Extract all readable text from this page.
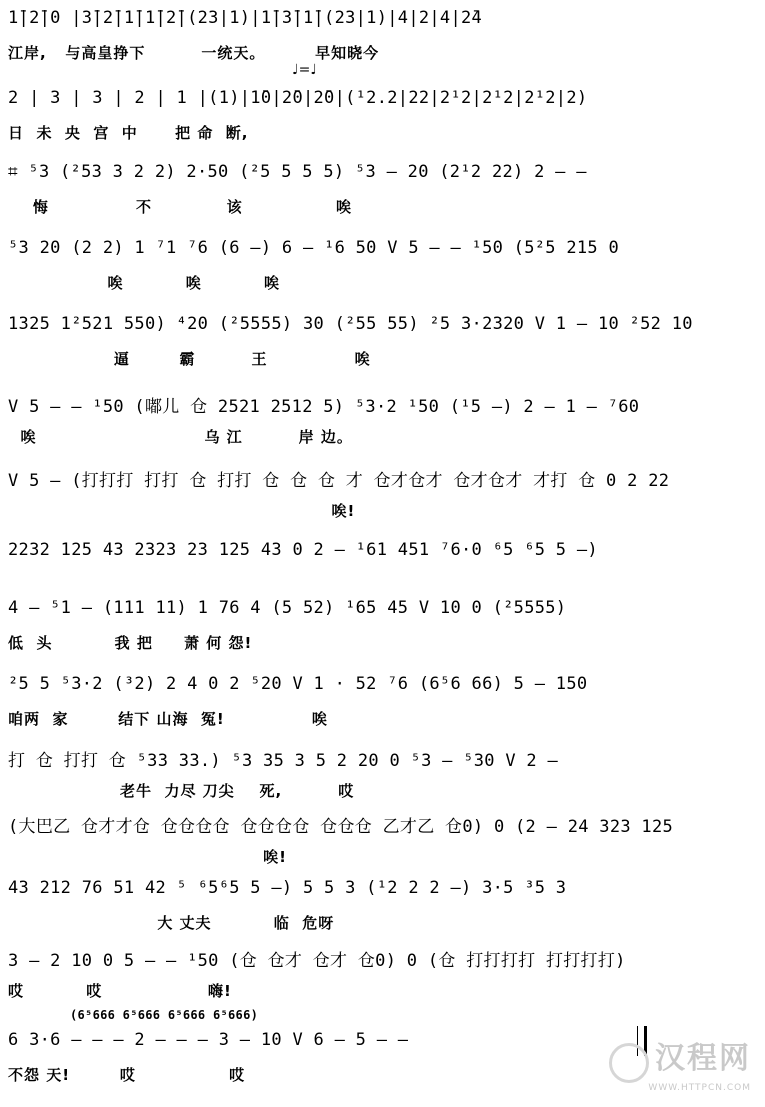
♩=♩
1̄|2̄|0 |3̄|2̄|1̄|1̄|2̄|(23|1)|1̄|3̄|1̄|(23|1)|4|2|4|2̄4
江岸,   与高皇挣下         一统天。        早知晓今
2 | 3 | 3 | 2 | 1 |(1)|1̄0|2̄0|2̄0|(¹2.2|22|2¹2|2¹2|2¹2|2)
日  未  央  宫  中      把 命  断,
⌗ ⁵3 (²53 3 2 2) 2·50 (²5 5 5 5) ⁵3 – 20 (2¹2 22) 2 – –
悔              不            该               唉
⁵3 20 (2 2) 1 ⁷1 ⁷6 (6 –) 6 – ¹6 50 V 5 – – ¹50 (5²5 215 0
唉          唉          唉
1325 1²521 550) ⁴20 (²5555) 30 (²55 55) ²5 3·2320 V 1 – 10 ²52 10
逼        霸         王              唉
V 5 – – ¹50 (嘟儿 仓 2521 2512 5) ⁵3·2 ¹50 (¹5 –) 2 – 1 – ⁷60
唉                           乌 江         岸 边。
V 5 – (打打打 打打 仓 打打 仓 仓 仓 才 仓才仓才 仓才仓才 才打 仓 0 2 22
唉!
2232 125 43 2323 23 125 43 0 2 – ¹61 451 ⁷6·0 ⁶5 ⁶5 5 –)
4 – ⁵1 – (111 11) 1 76 4 (5 52) ¹65 45 V 10 0 (²5555)
低  头          我 把     萧 何 怨!
²5 5 ⁵3·2 (³2) 2 4 0 2 ⁵20 V 1 · 52 ⁷6 (6⁵6 66) 5 – 150
咱两  家        结下 山海  冤!              唉
打 仓 打打 仓 ⁵33 33.) ⁵3 35 3 5 2 20 0 ⁵3 – ⁵30 V 2 –
老牛  力尽 刀尖    死,         哎
(大巴乙 仓才才仓 仓仓仓仓 仓仓仓仓 仓仓仓 乙才乙 仓0) 0 (2 – 24 323 125
唉!
43 212 76 51 42 ⁵ ⁶5⁶5 5 –) 5 5 3 (¹2 2 2 –) 3·5 ³5 3
大 丈夫          临  危呀
3 – 2 10 0 5 – – ¹50 (仓 仓才 仓才 仓0) 0 (仓 打打打打 打打打打)
哎          哎                 嗨!
(6⁵666 6⁵666 6⁵666 6⁵666)
6 3·6 – – – 2 – – – 3 – 10 V 6 – 5 – –
不怨 天!        哎               哎	汉程网
WWW.HTTPCN.COM
